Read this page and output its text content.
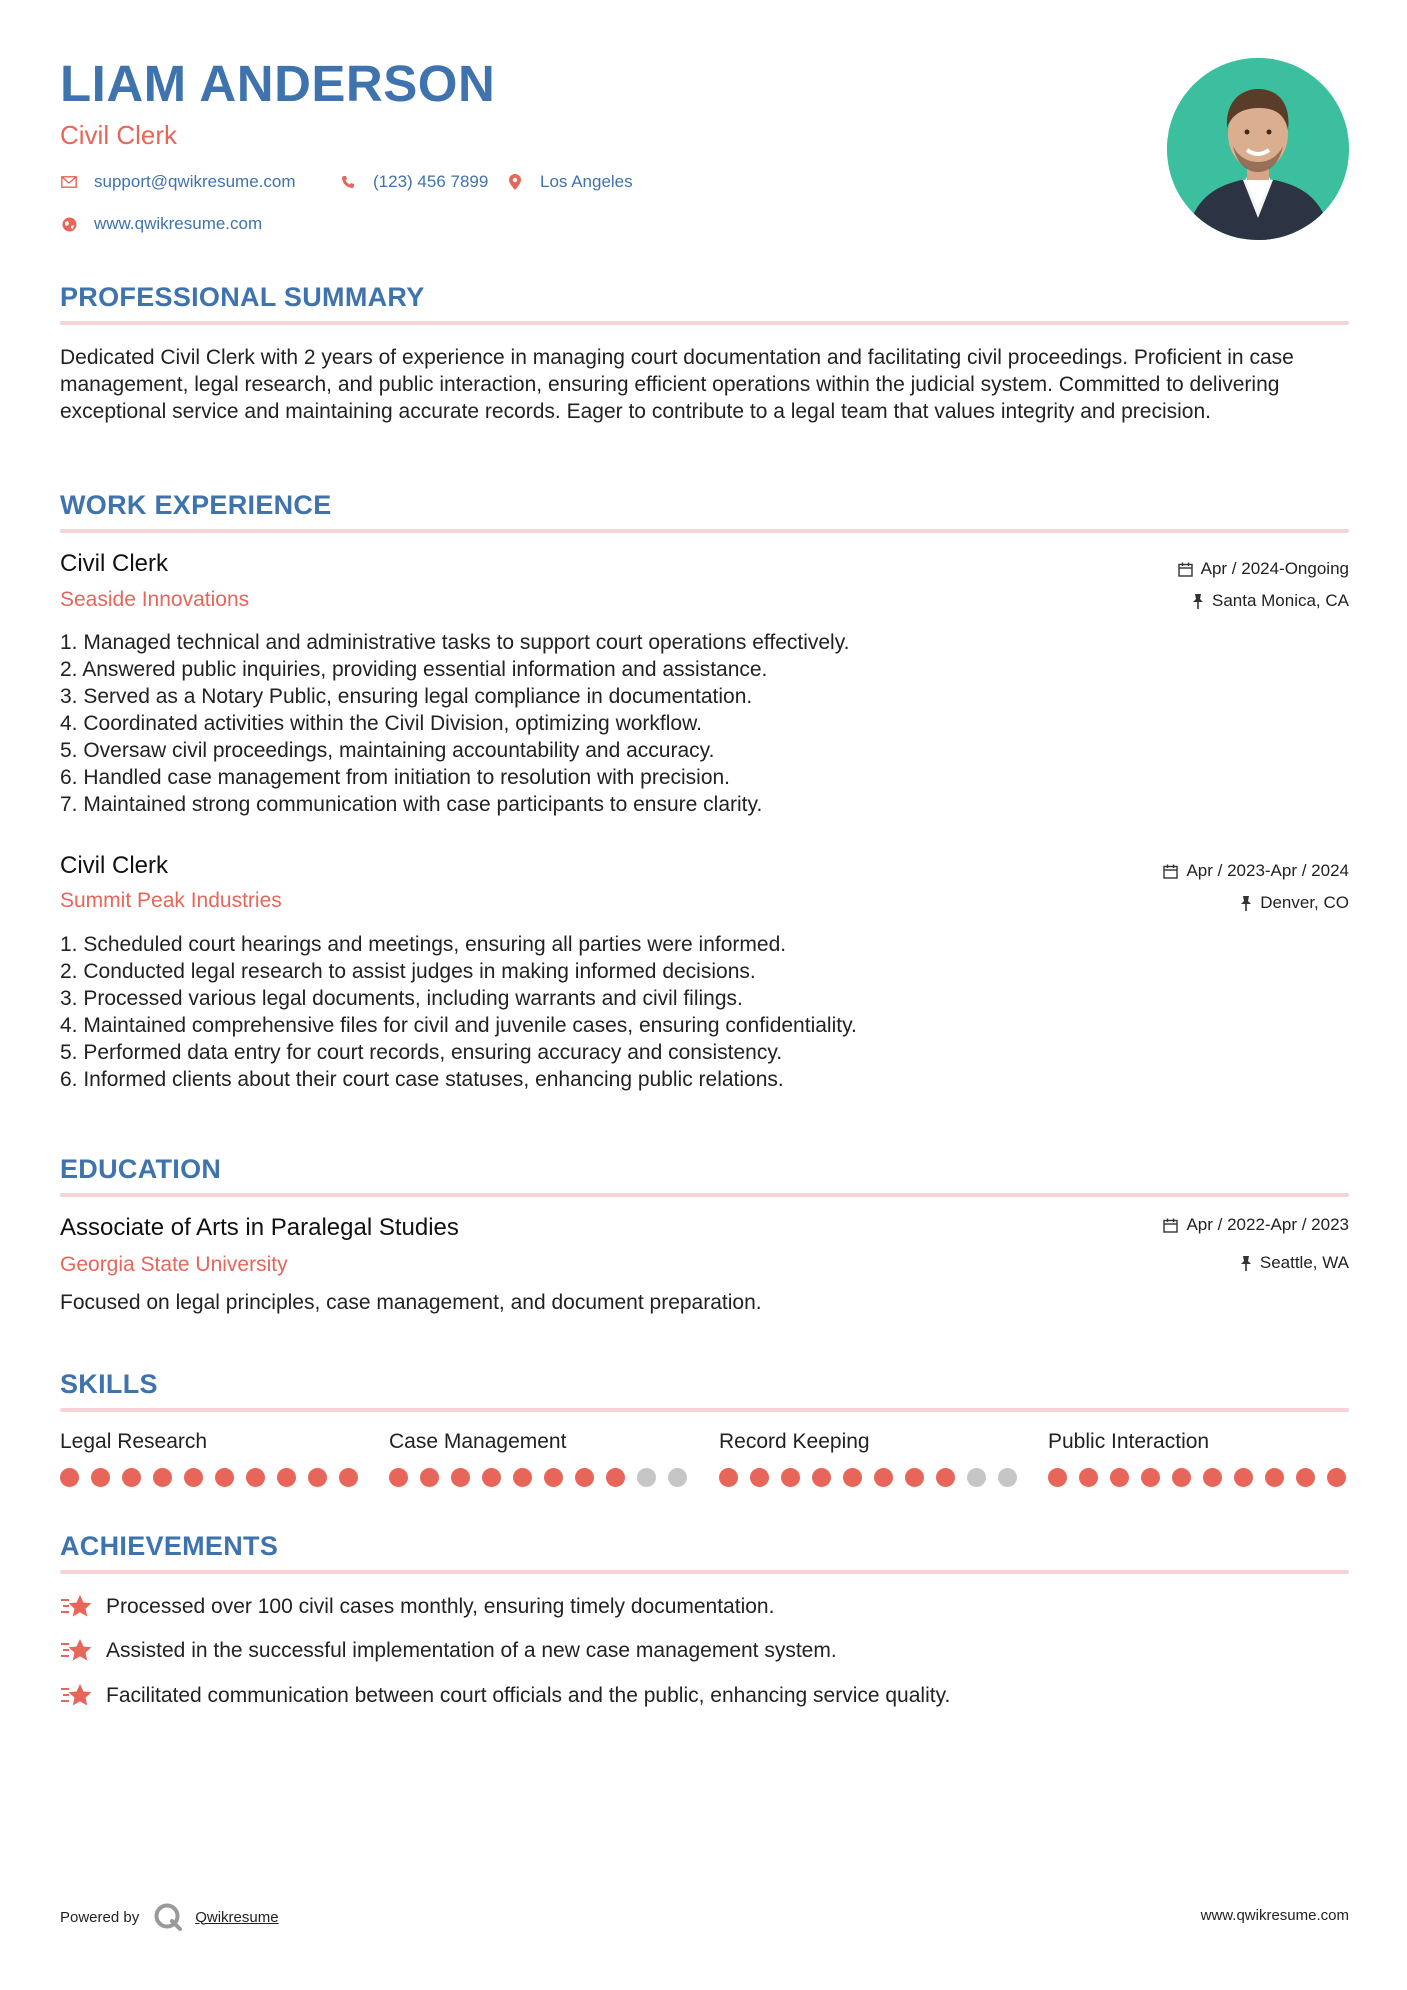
LIAM ANDERSON
Civil Clerk
support@qwikresume.com	(123) 456 7899	Los Angeles
www.qwikresume.com
PROFESSIONAL SUMMARY
Dedicated Civil Clerk with 2 years of experience in managing court documentation and facilitating civil proceedings. Proficient in case management, legal research, and public interaction, ensuring efficient operations within the judicial system. Committed to delivering exceptional service and maintaining accurate records. Eager to contribute to a legal team that values integrity and precision.
WORK EXPERIENCE
Civil Clerk
Seaside Innovations
Apr / 2024-Ongoing
Santa Monica, CA
1. Managed technical and administrative tasks to support court operations effectively.
2. Answered public inquiries, providing essential information and assistance.
3. Served as a Notary Public, ensuring legal compliance in documentation.
4. Coordinated activities within the Civil Division, optimizing workflow.
5. Oversaw civil proceedings, maintaining accountability and accuracy.
6. Handled case management from initiation to resolution with precision.
7. Maintained strong communication with case participants to ensure clarity.
Civil Clerk
Summit Peak Industries
Apr / 2023-Apr / 2024
Denver, CO
1. Scheduled court hearings and meetings, ensuring all parties were informed.
2. Conducted legal research to assist judges in making informed decisions.
3. Processed various legal documents, including warrants and civil filings.
4. Maintained comprehensive files for civil and juvenile cases, ensuring confidentiality.
5. Performed data entry for court records, ensuring accuracy and consistency.
6. Informed clients about their court case statuses, enhancing public relations.
EDUCATION
Associate of Arts in Paralegal Studies
Georgia State University
Apr / 2022-Apr / 2023
Seattle, WA
Focused on legal principles, case management, and document preparation.
SKILLS
Legal Research	Case Management	Record Keeping	Public Interaction
ACHIEVEMENTS
Processed over 100 civil cases monthly, ensuring timely documentation.
Assisted in the successful implementation of a new case management system.
Facilitated communication between court officials and the public, enhancing service quality.
Powered by	Qwikresume	www.qwikresume.com
